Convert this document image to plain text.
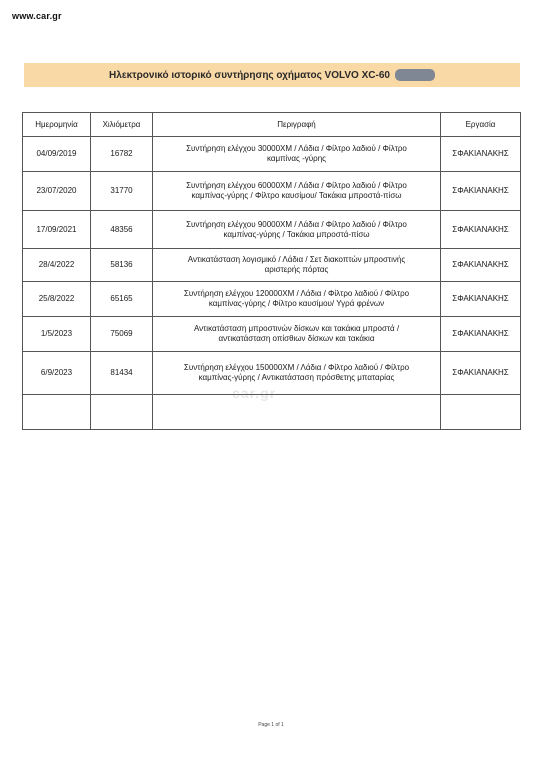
www.car.gr
Ηλεκτρονικό ιστορικό συντήρησης οχήματος VOLVO XC-60
Ημερομηνία	Χιλιόμετρα	Περιγραφή	Εργασία
04/09/2019	16782	Συντήρηση ελέγχου 30000ΧΜ / Λάδια / Φίλτρο λαδιού / Φίλτρο
καμπίνας -γύρης	ΣΦΑΚΙΑΝΑΚΗΣ
23/07/2020	31770	Συντήρηση ελέγχου 60000ΧΜ / Λάδια / Φίλτρο λαδιού / Φίλτρο
καμπίνας-γύρης / Φίλτρο καυσίμου/ Τακάκια μπροστά-πίσω	ΣΦΑΚΙΑΝΑΚΗΣ
17/09/2021	48356	Συντήρηση ελέγχου 90000ΧΜ / Λάδια / Φίλτρο λαδιού / Φίλτρο
καμπίνας-γύρης / Τακάκια μπροστά-πίσω	ΣΦΑΚΙΑΝΑΚΗΣ
28/4/2022	58136	Αντικατάσταση λογισμικό / Λάδια / Σετ διακοπτών μπροστινής
αριστερής πόρτας	ΣΦΑΚΙΑΝΑΚΗΣ
25/8/2022	65165	Συντήρηση ελέγχου 120000ΧΜ / Λάδια / Φίλτρο λαδιού / Φίλτρο
καμπίνας-γύρης / Φίλτρο καυσίμου/ Υγρά φρένων	ΣΦΑΚΙΑΝΑΚΗΣ
1/5/2023	75069	Αντικατάσταση μπροστινών δίσκων και τακάκια μπροστά /
αντικατάσταση οπίσθιων δίσκων και τακάκια	ΣΦΑΚΙΑΝΑΚΗΣ
6/9/2023	81434	Συντήρηση ελέγχου 150000ΧΜ / Λάδια / Φίλτρο λαδιού / Φίλτρο
καμπίνας-γύρης / Αντικατάσταση πρόσθετης μπαταρίας	ΣΦΑΚΙΑΝΑΚΗΣ

car.gr
Page 1 of 1
